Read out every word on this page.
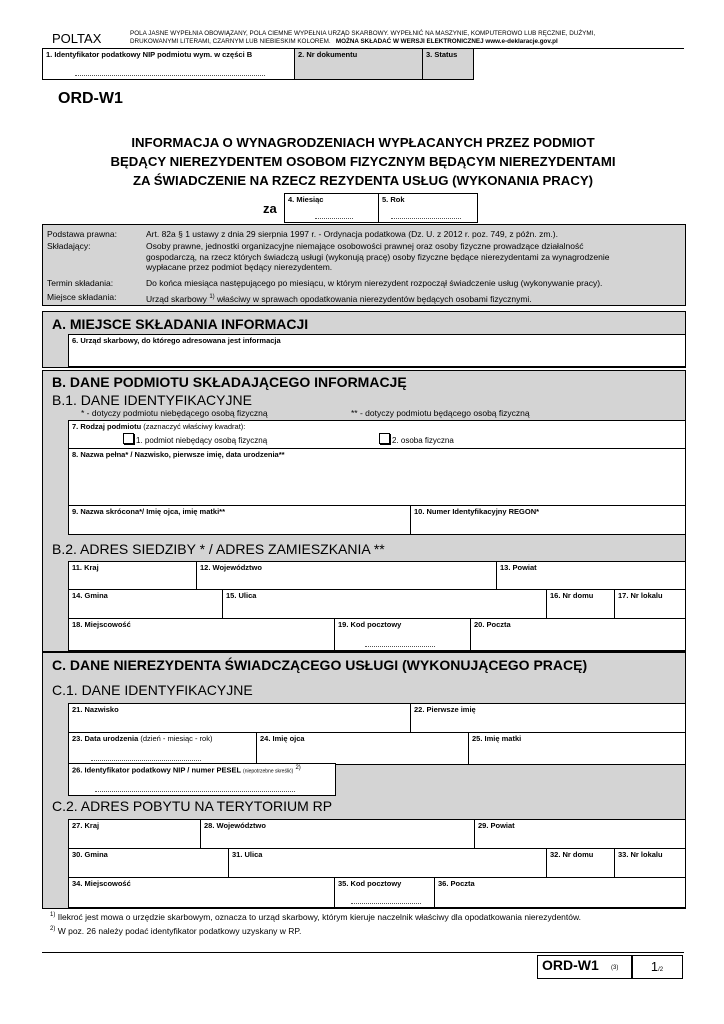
POLTAX	POLA JASNE WYPEŁNIA OBOWIĄZANY, POLA CIEMNE WYPEŁNIA URZĄD SKARBOWY. WYPEŁNIĆ NA MASZYNIE, KOMPUTEROWO LUB RĘCZNIE, DUŻYMI,
DRUKOWANYMI LITERAMI, CZARNYM LUB NIEBIESKIM KOLOREM. MOŻNA SKŁADAĆ W WERSJI ELEKTRONICZNEJ www.e-deklaracje.gov.pl
1. Identyfikator podatkowy NIP podmiotu wym. w części B	2. Nr dokumentu	3. Status
ORD-W1
INFORMACJA O WYNAGRODZENIACH WYPŁACANYCH PRZEZ PODMIOT
BĘDĄCY NIEREZYDENTEM OSOBOM FIZYCZNYM BĘDĄCYM NIEREZYDENTAMI
ZA ŚWIADCZENIE NA RZECZ REZYDENTA USŁUG (WYKONANIA PRACY)
za
4. Miesiąc	5. Rok
Podstawa prawna:	Art. 82a § 1 ustawy z dnia 29 sierpnia 1997 r. - Ordynacja podatkowa (Dz. U. z 2012 r. poz. 749, z późn. zm.).
Składający:	Osoby prawne, jednostki organizacyjne niemające osobowości prawnej oraz osoby fizyczne prowadzące działalność
gospodarczą, na rzecz których świadczą usługi (wykonują pracę) osoby fizyczne będące nierezydentami za wynagrodzenie
wypłacane przez podmiot będący nierezydentem.
Termin składania:	Do końca miesiąca następującego po miesiącu, w którym nierezydent rozpoczął świadczenie usług (wykonywanie pracy).
Miejsce składania:	Urząd skarbowy $^{1)}$ właściwy w sprawach opodatkowania nierezydentów będących osobami fizycznymi.
A. MIEJSCE SKŁADANIA INFORMACJI
6. Urząd skarbowy, do którego adresowana jest informacja
B. DANE PODMIOTU SKŁADAJĄCEGO INFORMACJĘ
B.1. DANE IDENTYFIKACYJNE
* - dotyczy podmiotu niebędącego osobą fizyczną	** - dotyczy podmiotu będącego osobą fizyczną
7. Rodzaj podmiotu (zaznaczyć właściwy kwadrat):
1. podmiot niebędący osobą fizyczną	2. osoba fizyczna
8. Nazwa pełna* / Nazwisko, pierwsze imię, data urodzenia**
9. Nazwa skrócona*/ Imię ojca, imię matki**	10. Numer Identyfikacyjny REGON*
B.2. ADRES SIEDZIBY * / ADRES ZAMIESZKANIA **
11. Kraj	12. Województwo	13. Powiat
14. Gmina	15. Ulica	16. Nr domu	17. Nr lokalu
18. Miejscowość	19. Kod pocztowy	20. Poczta
C. DANE NIEREZYDENTA ŚWIADCZĄCEGO USŁUGI (WYKONUJĄCEGO PRACĘ)
C.1. DANE IDENTYFIKACYJNE
21. Nazwisko	22. Pierwsze imię
23. Data urodzenia (dzień - miesiąc - rok)	24. Imię ojca	25. Imię matki
26. Identyfikator podatkowy NIP / numer PESEL (niepotrzebne skreślić) $^{2)}$
C.2. ADRES POBYTU NA TERYTORIUM RP
27. Kraj	28. Województwo	29. Powiat
30. Gmina	31. Ulica	32. Nr domu	33. Nr lokalu
34. Miejscowość	35. Kod pocztowy	36. Poczta
$^{1)}$ Ilekroć jest mowa o urzędzie skarbowym, oznacza to urząd skarbowy, którym kieruje naczelnik właściwy dla opodatkowania nierezydentów.
$^{2)}$ W poz. 26 należy podać identyfikator podatkowy uzyskany w RP.
ORD-W1 (3)	1/2
